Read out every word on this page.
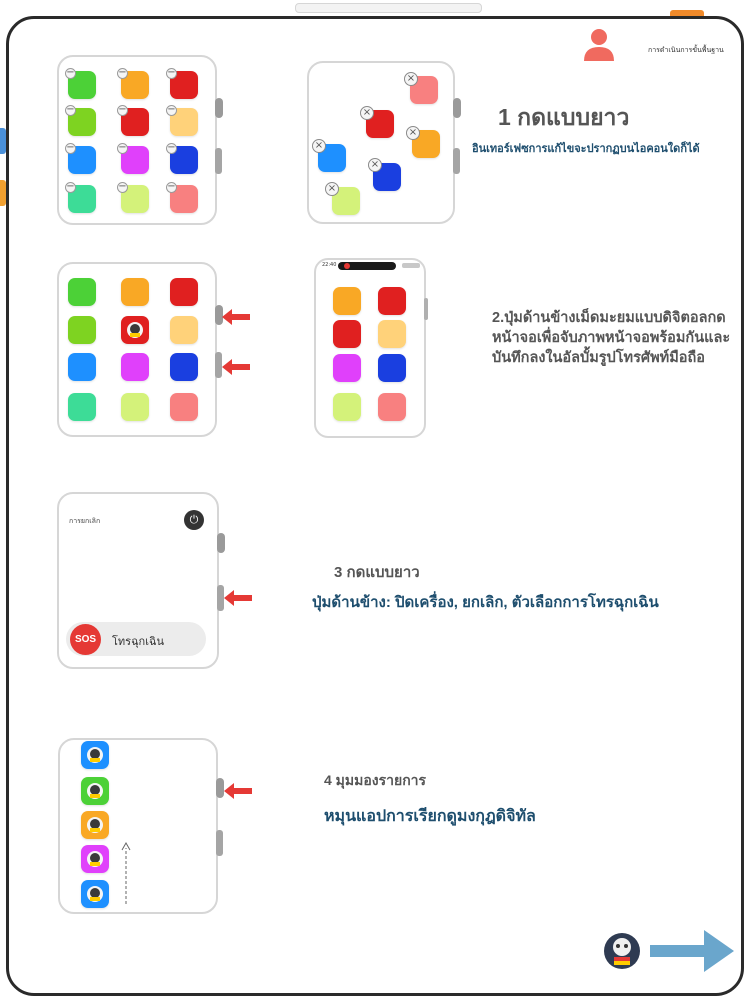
การดำเนินการขั้นพื้นฐาน
−	−	−
−	−	−
−	−	−
−	−	−
×
×
×
×
×
×
1 กดแบบยาว
อินเทอร์เฟซการแก้ไขจะปรากฏบนไอคอนใดก็ได้
22:40
2.ปุ่มด้านข้างเม็ดมะยมแบบดิจิตอลกดหน้าจอเพื่อจับภาพหน้าจอพร้อมกันและบันทึกลงในอัลบั้มรูปโทรศัพท์มือถือ
การยกเลิก	⏻
SOS	โทรฉุกเฉิน
3 กดแบบยาว
ปุ่มด้านข้าง: ปิดเครื่อง, ยกเลิก, ตัวเลือกการโทรฉุกเฉิน
4 มุมมองรายการ
หมุนแอปการเรียกดูมงกุฎดิจิทัล
